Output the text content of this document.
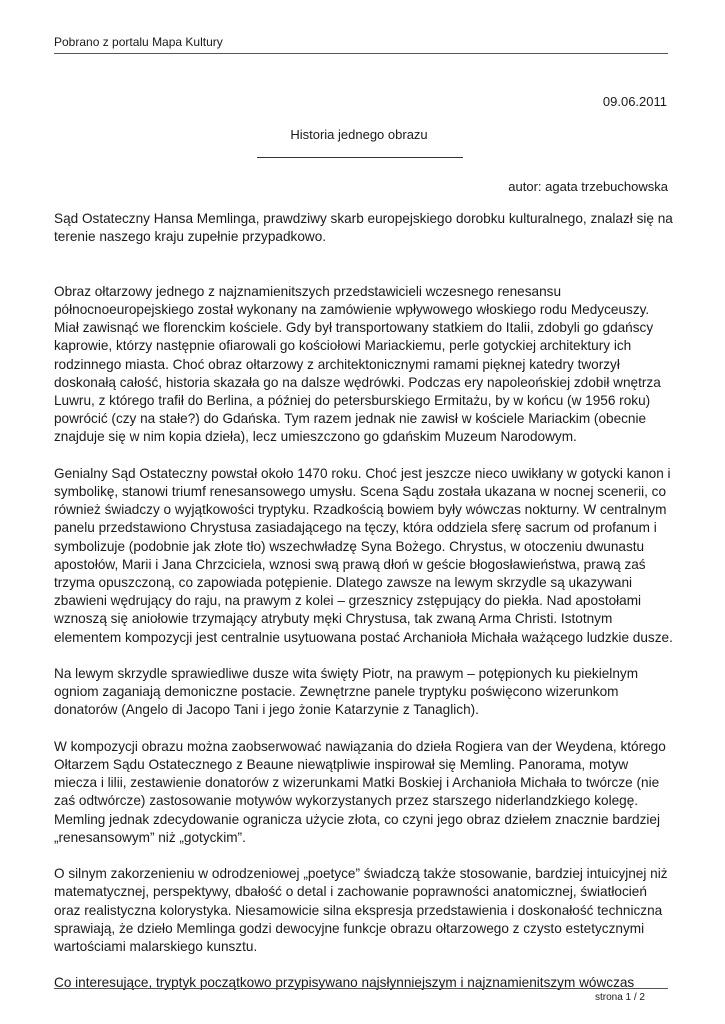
Pobrano z portalu Mapa Kultury
09.06.2011
Historia jednego obrazu
autor: agata trzebuchowska

Sąd Ostateczny Hansa Memlinga, prawdziwy skarb europejskiego dorobku kulturalnego, znalazł się na terenie naszego kraju zupełnie przypadkowo.

Obraz ołtarzowy jednego z najznamienitszych przedstawicieli wczesnego renesansu północnoeuropejskiego został wykonany na zamówienie wpływowego włoskiego rodu Medyceuszy. Miał zawisnąć we florenckim kościele. Gdy był transportowany statkiem do Italii, zdobyli go gdańscy kaprowie, którzy następnie ofiarowali go kościołowi Mariackiemu, perle gotyckiej architektury ich rodzinnego miasta. Choć obraz ołtarzowy z architektonicznymi ramami pięknej katedry tworzył doskonałą całość, historia skazała go na dalsze wędrówki. Podczas ery napoleońskiej zdobił wnętrza Luwru, z którego trafił do Berlina, a później do petersburskiego Ermitażu, by w końcu (w 1956 roku) powrócić (czy na stałe?) do Gdańska. Tym razem jednak nie zawisł w kościele Mariackim (obecnie znajduje się w nim kopia dzieła), lecz umieszczono go gdańskim Muzeum Narodowym.

Genialny Sąd Ostateczny powstał około 1470 roku. Choć jest jeszcze nieco uwikłany w gotycki kanon i symbolikę, stanowi triumf renesansowego umysłu. Scena Sądu została ukazana w nocnej scenerii, co również świadczy o wyjątkowości tryptyku. Rzadkością bowiem były wówczas nokturny. W centralnym panelu przedstawiono Chrystusa zasiadającego na tęczy, która oddziela sferę sacrum od profanum i symbolizuje (podobnie jak złote tło) wszechwładzę Syna Bożego. Chrystus, w otoczeniu dwunastu apostołów, Marii i Jana Chrzciciela, wznosi swą prawą dłoń w geście błogosławieństwa, prawą zaś trzyma opuszczoną, co zapowiada potępienie. Dlatego zawsze na lewym skrzydle są ukazywani zbawieni wędrujący do raju, na prawym z kolei – grzesznicy zstępujący do piekła. Nad apostołami wznoszą się aniołowie trzymający atrybuty męki Chrystusa, tak zwaną Arma Christi. Istotnym elementem kompozycji jest centralnie usytuowana postać Archanioła Michała ważącego ludzkie dusze.

Na lewym skrzydle sprawiedliwe dusze wita święty Piotr, na prawym – potępionych ku piekielnym ogniom zaganiają demoniczne postacie. Zewnętrzne panele tryptyku poświęcono wizerunkom donatorów (Angelo di Jacopo Tani i jego żonie Katarzynie z Tanaglich).

W kompozycji obrazu można zaobserwować nawiązania do dzieła Rogiera van der Weydena, którego Ołtarzem Sądu Ostatecznego z Beaune niewątpliwie inspirował się Memling. Panorama, motyw miecza i lilii, zestawienie donatorów z wizerunkami Matki Boskiej i Archanioła Michała to twórcze (nie zaś odtwórcze) zastosowanie motywów wykorzystanych przez starszego niderlandzkiego kolegę. Memling jednak zdecydowanie ogranicza użycie złota, co czyni jego obraz dziełem znacznie bardziej „renesansowym” niż „gotyckim”.

O silnym zakorzenieniu w odrodzeniowej „poetyce” świadczą także stosowanie, bardziej intuicyjnej niż matematycznej, perspektywy, dbałość o detal i zachowanie poprawności anatomicznej, światłocień oraz realistyczna kolorystyka. Niesamowicie silna ekspresja przedstawienia i doskonałość techniczna sprawiają, że dzieło Memlinga godzi dewocyjne funkcje obrazu ołtarzowego z czysto estetycznymi wartościami malarskiego kunsztu.

Co interesujące, tryptyk początkowo przypisywano najsłynniejszym i najznamienitszym wówczas

strona 1 / 2
